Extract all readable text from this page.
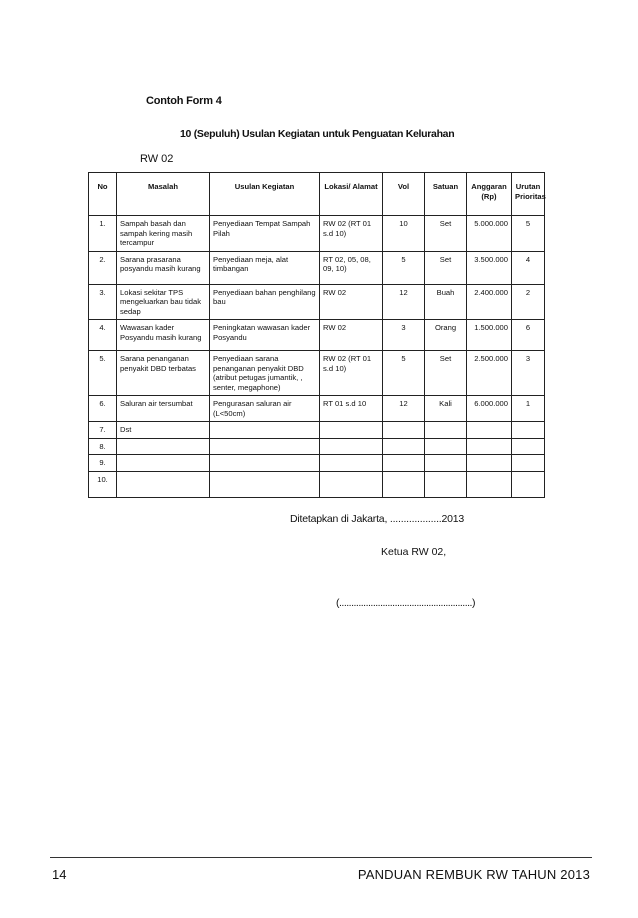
Contoh Form 4
10 (Sepuluh) Usulan Kegiatan untuk Penguatan Kelurahan
RW 02
No	Masalah	Usulan Kegiatan	Lokasi/ Alamat	Vol	Satuan	Anggaran (Rp)	Urutan Prioritas
1.	Sampah basah dan sampah kering masih tercampur	Penyediaan Tempat Sampah Pilah	RW 02 (RT 01 s.d 10)	10	Set	5.000.000	5
2.	Sarana prasarana posyandu masih kurang	Penyediaan meja, alat timbangan	RT 02, 05, 08, 09, 10)	5	Set	3.500.000	4
3.	Lokasi sekitar TPS mengeluarkan bau tidak sedap	Penyediaan bahan penghilang bau	RW 02	12	Buah	2.400.000	2
4.	Wawasan kader Posyandu masih kurang	Peningkatan wawasan kader Posyandu	RW 02	3	Orang	1.500.000	6
5.	Sarana penanganan penyakit DBD terbatas	Penyediaan sarana penanganan penyakit DBD (atribut petugas jumantik, , senter, megaphone)	RW 02 (RT 01 s.d 10)	5	Set	2.500.000	3
6.	Saluran air tersumbat	Pengurasan saluran air (L<50cm)	RT 01 s.d 10	12	Kali	6.000.000	1
7.	Dst						
8.							
9.							
10.							
Ditetapkan di Jakarta, ...................2013
Ketua RW 02,
(.......................................................)
14	PANDUAN REMBUK RW TAHUN 2013
